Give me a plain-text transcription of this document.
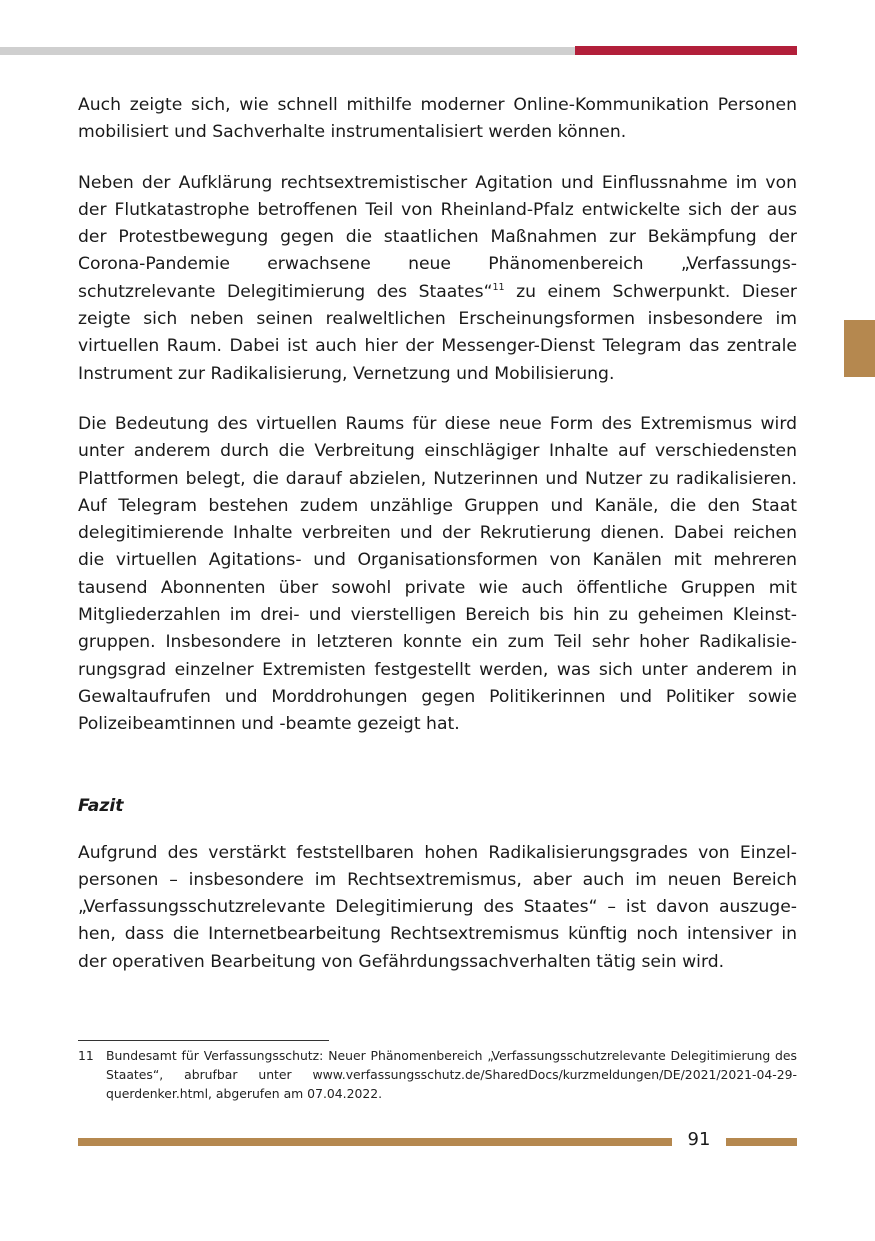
Auch zeigte sich, wie schnell mithilfe moderner Online-Kommunikation Personen mobilisiert und Sachverhalte instrumentalisiert werden können.

Neben der Aufklärung rechtsextremistischer Agitation und Einflussnahme im von der Flutkatastrophe betroffenen Teil von Rheinland-Pfalz entwickelte sich der aus der Protestbewegung gegen die staatlichen Maßnahmen zur Bekämpfung der Corona-Pandemie erwachsene neue Phänomenbereich „Verfassungsschutzrelevante Delegitimierung des Staates“$^{11}$ zu einem Schwerpunkt. Dieser zeigte sich neben seinen realweltlichen Erscheinungsformen insbesondere im virtuellen Raum. Dabei ist auch hier der Messenger-Dienst Telegram das zentrale Instrument zur Radikalisierung, Vernetzung und Mobilisierung.

Die Bedeutung des virtuellen Raums für diese neue Form des Extremismus wird unter anderem durch die Verbreitung einschlägiger Inhalte auf verschiedensten Plattformen belegt, die darauf abzielen, Nutzerinnen und Nutzer zu radikalisieren. Auf Telegram bestehen zudem unzählige Gruppen und Kanäle, die den Staat delegitimierende Inhalte verbreiten und der Rekrutierung dienen. Dabei reichen die virtuellen Agitations- und Organisationsformen von Kanälen mit mehreren tausend Abonnenten über sowohl private wie auch öffentliche Gruppen mit Mitgliederzahlen im drei- und vierstelligen Bereich bis hin zu geheimen Kleinstgruppen. Insbesondere in letzteren konnte ein zum Teil sehr hoher Radikalisierungsgrad einzelner Extremisten festgestellt werden, was sich unter anderem in Gewaltaufrufen und Morddrohungen gegen Politikerinnen und Politiker sowie Polizeibeamtinnen und -beamte gezeigt hat.

Fazit

Aufgrund des verstärkt feststellbaren hohen Radikalisierungsgrades von Einzelpersonen – insbesondere im Rechtsextremismus, aber auch im neuen Bereich „Verfassungsschutzrelevante Delegitimierung des Staates“ – ist davon auszugehen, dass die Internetbearbeitung Rechtsextremismus künftig noch intensiver in der operativen Bearbeitung von Gefährdungssachverhalten tätig sein wird.

11 Bundesamt für Verfassungsschutz: Neuer Phänomenbereich „Verfassungsschutzrelevante Delegitimierung des Staates“, abrufbar unter www.verfassungsschutz.de/SharedDocs/kurzmeldungen/DE/2021/2021-04-29-querdenker.html, abgerufen am 07.04.2022.
91
